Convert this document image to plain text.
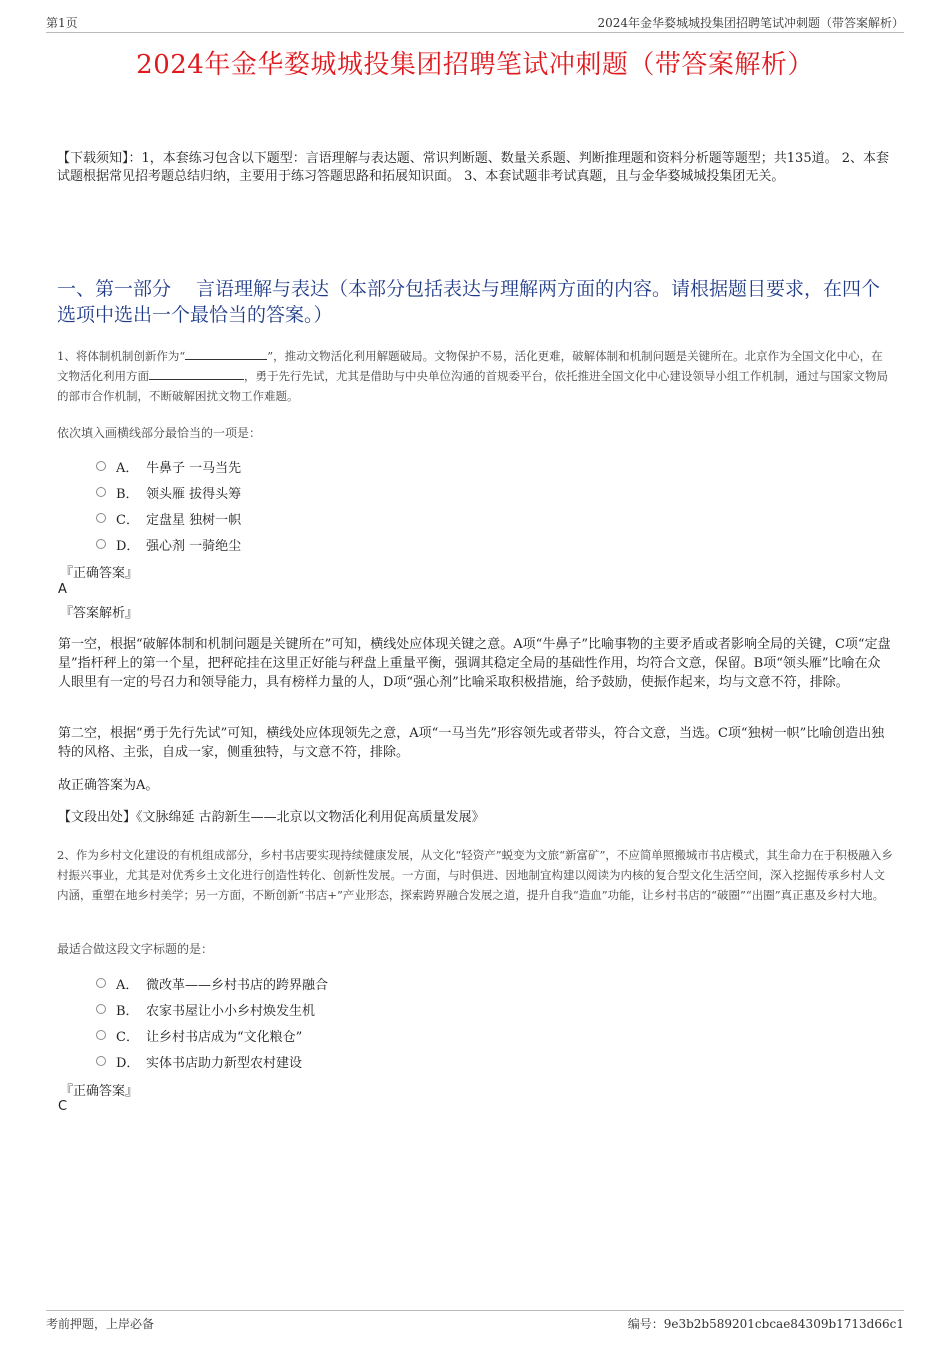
第1页	2024年金华婺城城投集团招聘笔试冲刺题（带答案解析）
2024年金华婺城城投集团招聘笔试冲刺题（带答案解析）
【下载须知】：1，本套练习包含以下题型：言语理解与表达题、常识判断题、数量关系题、判断推理题和资料分析题等题型；共135道。 2、本套试题根据常见招考题总结归纳，主要用于练习答题思路和拓展知识面。 3、本套试题非考试真题，且与金华婺城城投集团无关。
一、第一部分　 言语理解与表达（本部分包括表达与理解两方面的内容。请根据题目要求，在四个选项中选出一个最恰当的答案。）
1、将体制机制创新作为“	”，推动文物活化利用解题破局。文物保护不易，活化更难，破解体制和机制问题是关键所在。北京作为全国文化中心，在文物活化利用方面	，勇于先行先试，尤其是借助与中央单位沟通的首规委平台，依托推进全国文化中心建设领导小组工作机制，通过与国家文物局的部市合作机制，不断破解困扰文物工作难题。
依次填入画横线部分最恰当的一项是：
A． 牛鼻子 一马当先
B． 领头雁 拔得头筹
C． 定盘星 独树一帜
D． 强心剂 一骑绝尘
『正确答案』
A
『答案解析』
第一空，根据“破解体制和机制问题是关键所在”可知，横线处应体现关键之意。A项“牛鼻子”比喻事物的主要矛盾或者影响全局的关键，C项“定盘星”指杆秤上的第一个星，把秤砣挂在这里正好能与秤盘上重量平衡，强调其稳定全局的基础性作用，均符合文意，保留。B项“领头雁”比喻在众人眼里有一定的号召力和领导能力，具有榜样力量的人，D项“强心剂”比喻采取积极措施，给予鼓励，使振作起来，均与文意不符，排除。
第二空，根据“勇于先行先试”可知，横线处应体现领先之意，A项“一马当先”形容领先或者带头，符合文意，当选。C项“独树一帜”比喻创造出独特的风格、主张，自成一家，侧重独特，与文意不符，排除。
故正确答案为A。
【文段出处】《文脉绵延 古韵新生——北京以文物活化利用促高质量发展》
2、作为乡村文化建设的有机组成部分，乡村书店要实现持续健康发展，从文化“轻资产”蜕变为文旅“新富矿”，不应简单照搬城市书店模式，其生命力在于积极融入乡村振兴事业，尤其是对优秀乡土文化进行创造性转化、创新性发展。一方面，与时俱进、因地制宜构建以阅读为内核的复合型文化生活空间，深入挖掘传承乡村人文内涵，重塑在地乡村美学；另一方面，不断创新“书店+”产业形态，探索跨界融合发展之道，提升自我“造血”功能，让乡村书店的“破圈”“出圈”真正惠及乡村大地。
最适合做这段文字标题的是：
A． 微改革——乡村书店的跨界融合
B． 农家书屋让小小乡村焕发生机
C． 让乡村书店成为“文化粮仓”
D． 实体书店助力新型农村建设
『正确答案』
C
考前押题，上岸必备	编号：9e3b2b589201cbcae84309b1713d66c1
